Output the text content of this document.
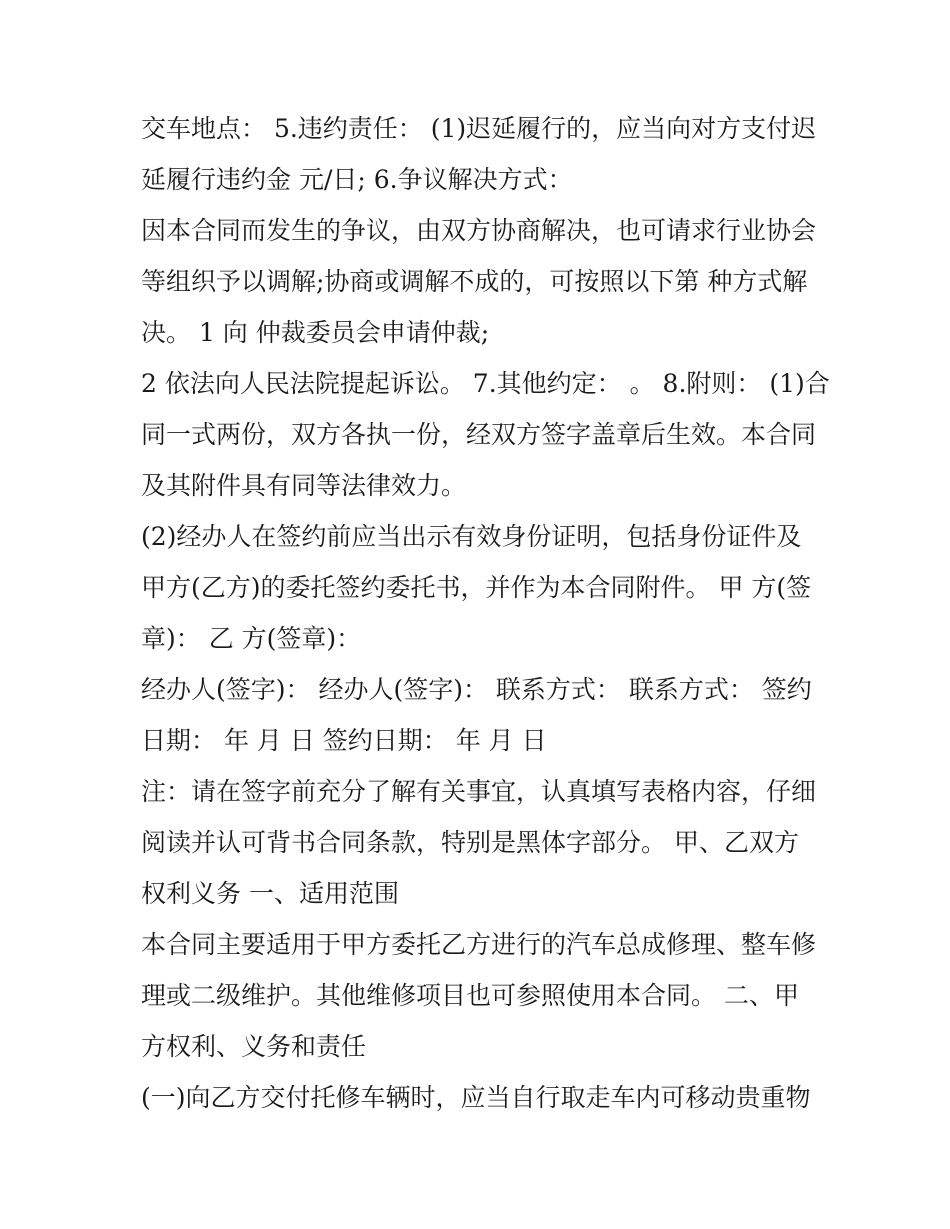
交车地点： 5.违约责任： (1)迟延履行的，应当向对方支付迟
延履行违约金 元/日; 6.争议解决方式：
因本合同而发生的争议，由双方协商解决，也可请求行业协会
等组织予以调解;协商或调解不成的，可按照以下第 种方式解
决。 1 向 仲裁委员会申请仲裁;
2 依法向人民法院提起诉讼。 7.其他约定： 。 8.附则： (1)合
同一式两份，双方各执一份，经双方签字盖章后生效。本合同
及其附件具有同等法律效力。
(2)经办人在签约前应当出示有效身份证明，包括身份证件及
甲方(乙方)的委托签约委托书，并作为本合同附件。 甲 方(签
章)： 乙 方(签章)：
经办人(签字)： 经办人(签字)： 联系方式： 联系方式： 签约
日期： 年 月 日 签约日期： 年 月 日
注：请在签字前充分了解有关事宜，认真填写表格内容，仔细
阅读并认可背书合同条款，特别是黑体字部分。 甲、乙双方
权利义务 一、适用范围
本合同主要适用于甲方委托乙方进行的汽车总成修理、整车修
理或二级维护。其他维修项目也可参照使用本合同。 二、甲
方权利、义务和责任
(一)向乙方交付托修车辆时，应当自行取走车内可移动贵重物
